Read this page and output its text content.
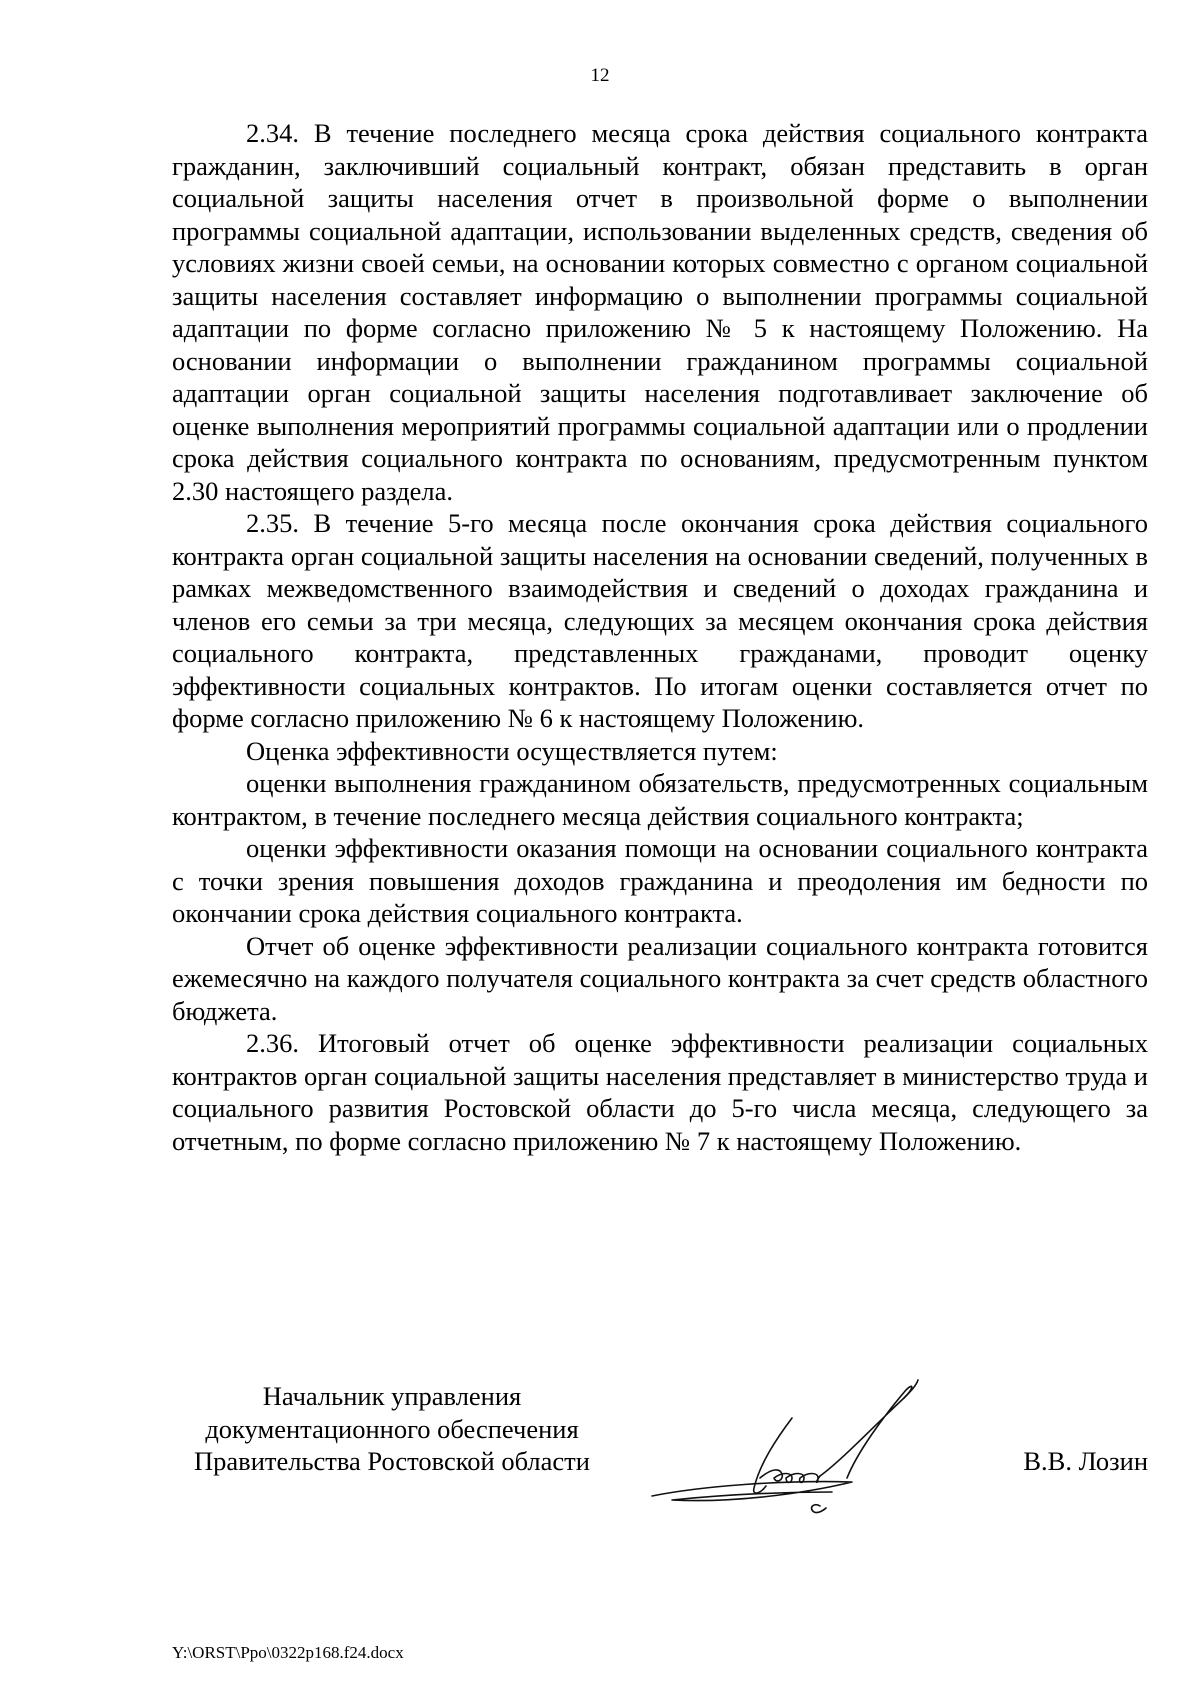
12

2.34. В течение последнего месяца срока действия социального контракта гражданин, заключивший социальный контракт, обязан представить в орган социальной защиты населения отчет в произвольной форме о выполнении программы социальной адаптации, использовании выделенных средств, сведения об условиях жизни своей семьи, на основании которых совместно с органом социальной защиты населения составляет информацию о выполнении программы социальной адаптации по форме согласно приложению № 5 к настоящему Положению. На основании информации о выполнении гражданином программы социальной адаптации орган социальной защиты населения подготавливает заключение об оценке выполнения мероприятий программы социальной адаптации или о продлении срока действия социального контракта по основаниям, предусмотренным пунктом 2.30 настоящего раздела.

2.35. В течение 5-го месяца после окончания срока действия социального контракта орган социальной защиты населения на основании сведений, полученных в рамках межведомственного взаимодействия и сведений о доходах гражданина и членов его семьи за три месяца, следующих за месяцем окончания срока действия социального контракта, представленных гражданами, проводит оценку эффективности социальных контрактов. По итогам оценки составляется отчет по форме согласно приложению № 6 к настоящему Положению.

Оценка эффективности осуществляется путем:

оценки выполнения гражданином обязательств, предусмотренных социальным контрактом, в течение последнего месяца действия социального контракта;

оценки эффективности оказания помощи на основании социального контракта с точки зрения повышения доходов гражданина и преодоления им бедности по окончании срока действия социального контракта.

Отчет об оценке эффективности реализации социального контракта готовится ежемесячно на каждого получателя социального контракта за счет средств областного бюджета.

2.36. Итоговый отчет об оценке эффективности реализации социальных контрактов орган социальной защиты населения представляет в министерство труда и социального развития Ростовской области до 5-го числа месяца, следующего за отчетным, по форме согласно приложению № 7 к настоящему Положению.

Начальник управления
документационного обеспечения
Правительства Ростовской области	В.В. Лозин
Y:\ORST\Ppo\0322p168.f24.docx
